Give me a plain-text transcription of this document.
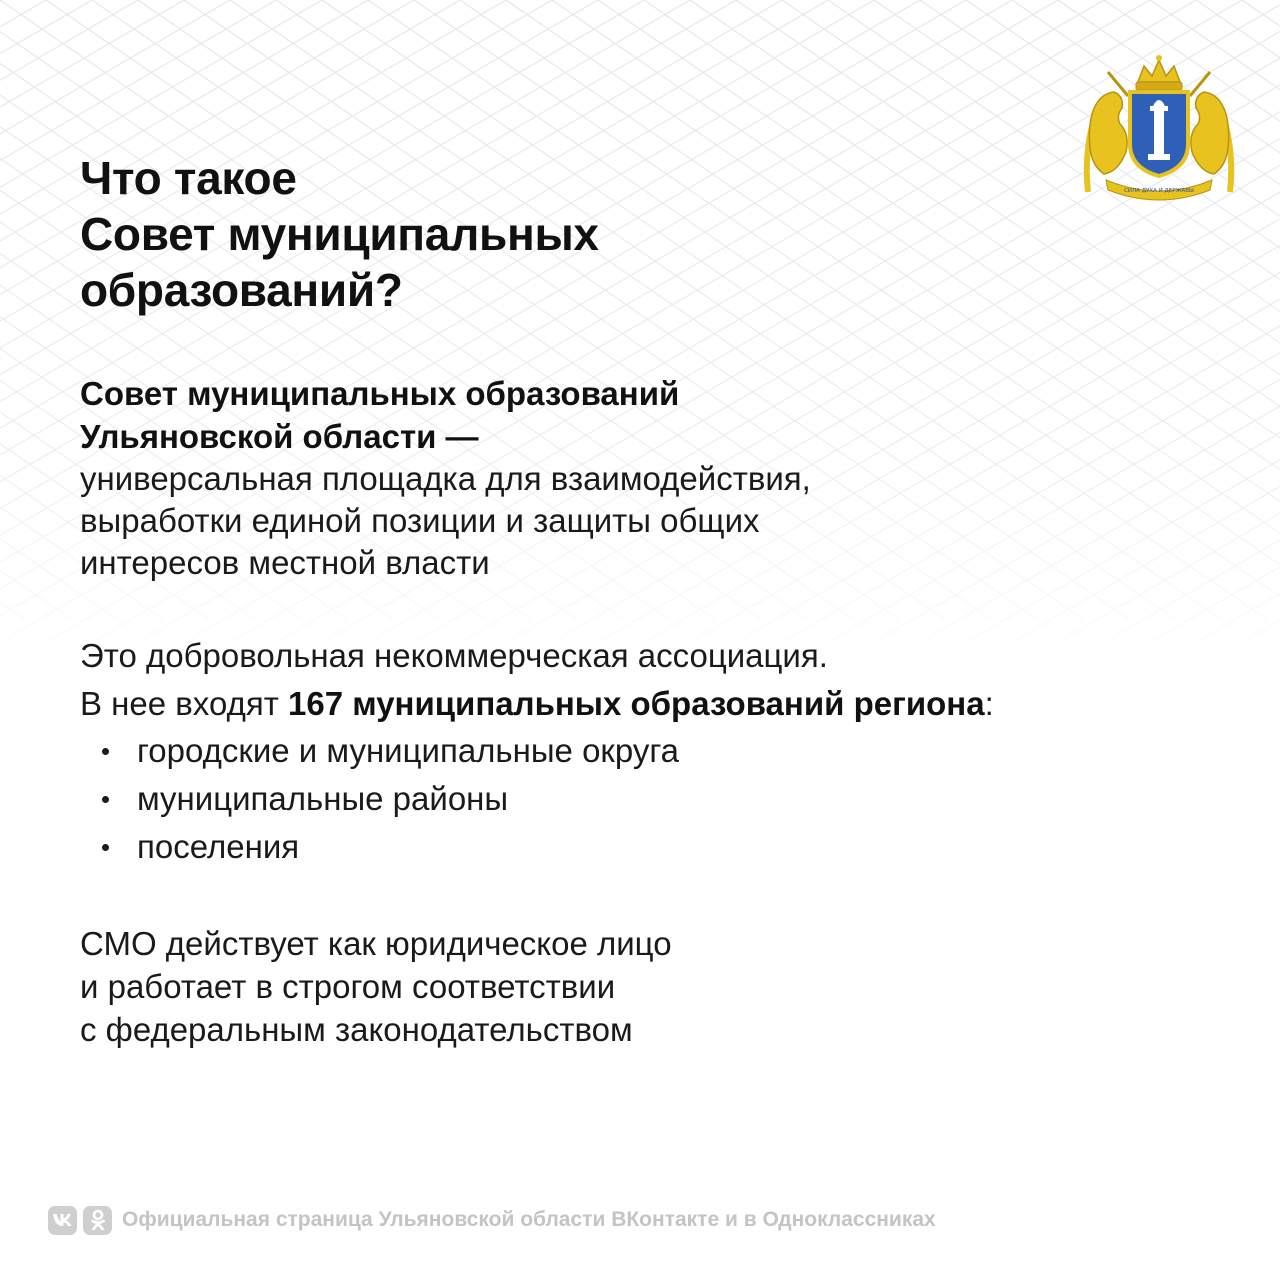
СИЛА ДУХА И ДЕРЖАВЫ
Что такое
Совет муниципальных
образований?
Совет муниципальных образований
Ульяновской области —
универсальная площадка для взаимодействия,
выработки единой позиции и защиты общих
интересов местной власти
Это добровольная некоммерческая ассоциация.
В нее входят 167 муниципальных образований региона:
городские и муниципальные округа
муниципальные районы
поселения
СМО действует как юридическое лицо
и работает в строгом соответствии
с федеральным законодательством
Официальная страница Ульяновской области ВКонтакте и в Одноклассниках
